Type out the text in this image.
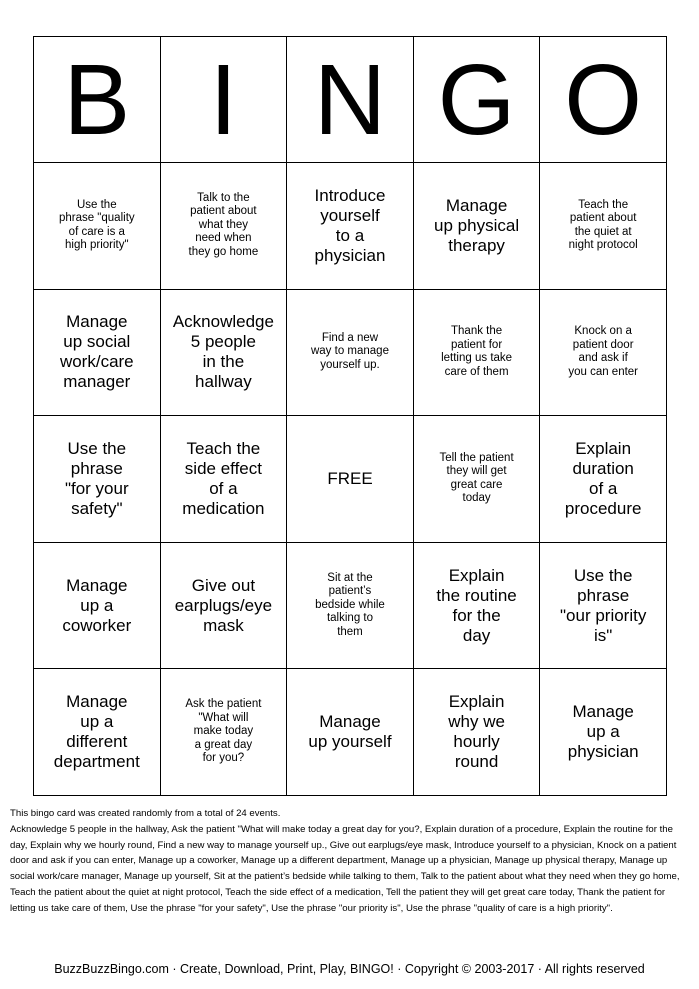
B	I	N	G	O
Use the
phrase "quality
of care is a
high priority"	Talk to the
patient about
what they
need when
they go home	Introduce
yourself
to a
physician	Manage
up physical
therapy	Teach the
patient about
the quiet at
night protocol
Manage
up social
work/care
manager	Acknowledge
5 people
in the
hallway	Find a new
way to manage
yourself up.	Thank the
patient for
letting us take
care of them	Knock on a
patient door
and ask if
you can enter
Use the
phrase
"for your
safety"	Teach the
side effect
of a
medication	FREE	Tell the patient
they will get
great care
today	Explain
duration
of a
procedure
Manage
up a
coworker	Give out
earplugs/eye
mask	Sit at the
patient’s
bedside while
talking to
them	Explain
the routine
for the
day	Use the
phrase
"our priority
is"
Manage
up a
different
department	Ask the patient
"What will
make today
a great day
for you?	Manage
up yourself	Explain
why we
hourly
round	Manage
up a
physician
This bingo card was created randomly from a total of 24 events.
Acknowledge 5 people in the hallway, Ask the patient "What will make today a great day for you?, Explain duration of a procedure, Explain the routine for the day, Explain why we hourly round, Find a new way to manage yourself up., Give out earplugs/eye mask, Introduce yourself to a physician, Knock on a patient door and ask if you can enter, Manage up a coworker, Manage up a different department, Manage up a physician, Manage up physical therapy, Manage up social work/care manager, Manage up yourself, Sit at the patient’s bedside while talking to them, Talk to the patient about what they need when they go home, Teach the patient about the quiet at night protocol, Teach the side effect of a medication, Tell the patient they will get great care today, Thank the patient for letting us take care of them, Use the phrase "for your safety", Use the phrase "our priority is", Use the phrase "quality of care is a high priority".
BuzzBuzzBingo.com · Create, Download, Print, Play, BINGO! · Copyright © 2003-2017 · All rights reserved
